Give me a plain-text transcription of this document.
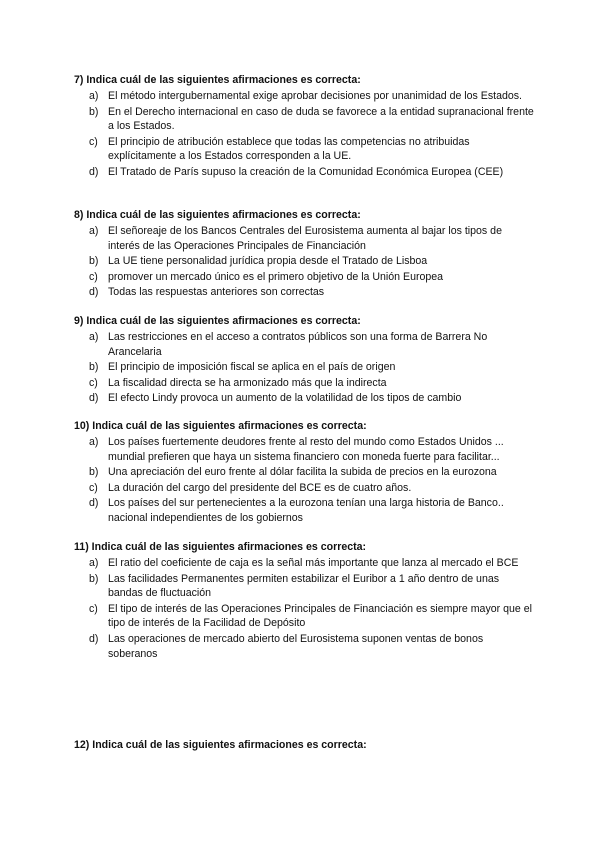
7) Indica cuál de las siguientes afirmaciones es correcta:
a) El método intergubernamental exige aprobar decisiones por unanimidad de los Estados.
b) En el Derecho internacional en caso de duda se favorece a la entidad supranacional frente a los Estados.
c) El principio de atribución establece que todas las competencias no atribuidas explícitamente a los Estados corresponden a la UE.
d) El Tratado de París supuso la creación de la Comunidad Económica Europea (CEE)
8) Indica cuál de las siguientes afirmaciones es correcta:
a) El señoreaje de los Bancos Centrales del Eurosistema aumenta al bajar los tipos de interés de las Operaciones Principales de Financiación
b) La UE tiene personalidad jurídica propia desde el Tratado de Lisboa
c) promover un mercado único es el primero objetivo de la Unión Europea
d) Todas las respuestas anteriores son correctas
9) Indica cuál de las siguientes afirmaciones es correcta:
a) Las restricciones en el acceso a contratos públicos son una forma de Barrera No Arancelaria
b) El principio de imposición fiscal se aplica en el país de origen
c) La fiscalidad directa se ha armonizado más que la indirecta
d) El efecto Lindy provoca un aumento de la volatilidad de los tipos de cambio
10) Indica cuál de las siguientes afirmaciones es correcta:
a) Los países fuertemente deudores frente al resto del mundo como Estados Unidos ... mundial prefieren que haya un sistema financiero con moneda fuerte para facilitar...
b) Una apreciación del euro frente al dólar facilita la subida de precios en la eurozona
c) La duración del cargo del presidente del BCE es de cuatro años.
d) Los países del sur pertenecientes a la eurozona tenían una larga historia de Banco.. nacional independientes de los gobiernos
11) Indica cuál de las siguientes afirmaciones es correcta:
a) El ratio del coeficiente de caja es la señal más importante que lanza al mercado el BCE
b) Las facilidades Permanentes permiten estabilizar el Euribor a 1 año dentro de unas bandas de fluctuación
c) El tipo de interés de las Operaciones Principales de Financiación es siempre mayor que el tipo de interés de la Facilidad de Depósito
d) Las operaciones de mercado abierto del Eurosistema suponen ventas de bonos soberanos
12) Indica cuál de las siguientes afirmaciones es correcta:
